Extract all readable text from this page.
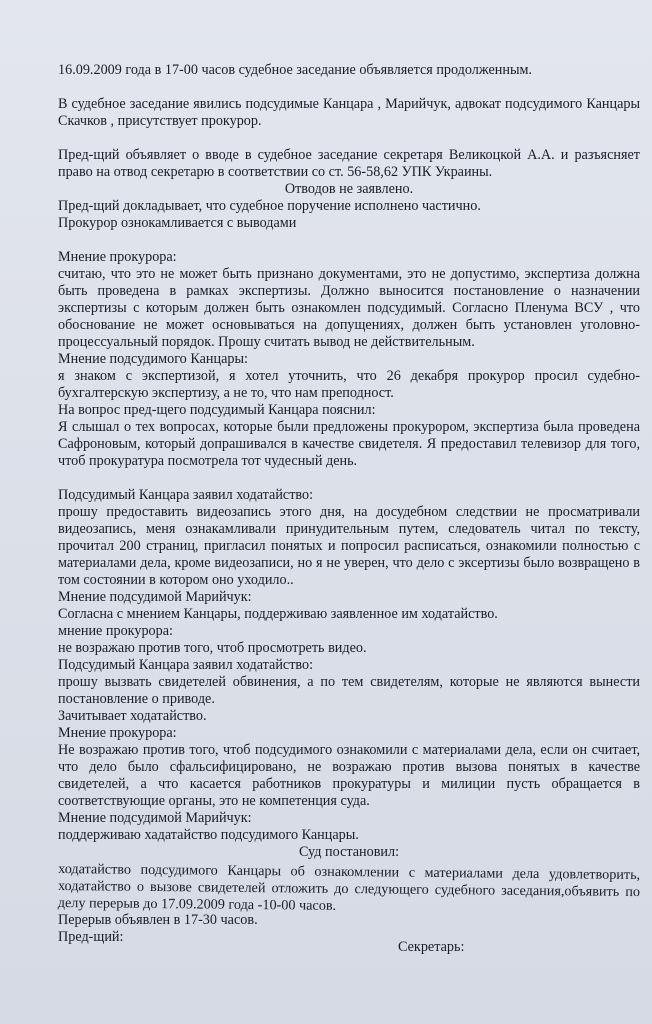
16.09.2009 года в 17-00 часов судебное заседание объявляется продолженным.

В судебное заседание явились подсудимые Канцара , Марийчук, адвокат подсудимого Канцары Скачков , присутствует прокурор.

Пред-щий объявляет о вводе в судебное заседание секретаря Великоцкой А.А. и разъясняет право на отвод секретарю в соответствии со ст. 56-58,62 УПК Украины.

Отводов не заявлено.

Пред-щий докладывает, что судебное поручение исполнено частично.

Прокурор ознокамливается с выводами

Мнение прокурора:

считаю, что это не может быть признано документами, это не допустимо, экспертиза должна быть проведена в рамках экспертизы. Должно выносится постановление о назначении экспертизы с которым должен быть ознакомлен подсудимый. Согласно Пленума ВСУ , что обоснование не может основываться на допущениях, должен быть установлен уголовно-процессуальный порядок. Прошу считать вывод не действительным.

Мнение подсудимого Канцары:

я знаком с экспертизой, я хотел уточнить, что 26 декабря прокурор просил судебно-бухгалтерскую экспертизу, а не то, что нам преподност.

На вопрос пред-щего подсудимый Канцара пояснил:

Я слышал о тех вопросах, которые были предложены прокурором, экспертиза была проведена Сафроновым, который допрашивался в качестве свидетеля. Я предоставил телевизор для того, чтоб прокуратура посмотрела тот чудесный день.

Подсудимый Канцара заявил ходатайство:

прошу предоставить видеозапись этого дня, на досудебном следствии не просматривали видеозапись, меня ознакамливали принудительным путем, следователь читал по тексту, прочитал 200 страниц, пригласил понятых и попросил расписаться, ознакомили полностью с материалами дела, кроме видеозаписи, но я не уверен, что дело с эксертизы было возвращено в том состоянии в котором оно уходило..

Мнение подсудимой Марийчук:

Согласна с мнением Канцары, поддерживаю заявленное им ходатайство.

мнение прокурора:

не возражаю против того, чтоб просмотреть видео.

Подсудимый Канцара заявил ходатайство:

прошу вызвать свидетелей обвинения, а по тем свидетелям, которые не являются вынести постановление о приводе.

Зачитывает ходатайство.

Мнение прокурора:

Не возражаю против того, чтоб подсудимого ознакомили с материалами дела, если он считает, что дело было сфальсифицировано, не возражаю против вызова понятых в качестве свидетелей, а что касается работников прокуратуры и милиции пусть обращается в соответствующие органы, это не компетенция суда.

Мнение подсудимой Марийчук:

поддерживаю хадатайство подсудимого Канцары.

Суд постановил:

ходатайство подсудимого Канцары об ознакомлении с материалами дела удовлетворить, ходатайство о вызове свидетелей отложить до следующего судебного заседания,объявить по делу перерыв до 17.09.2009 года -10-00 часов.

Перерыв объявлен в 17-30 часов.

Пред-щий:
Секретарь:
